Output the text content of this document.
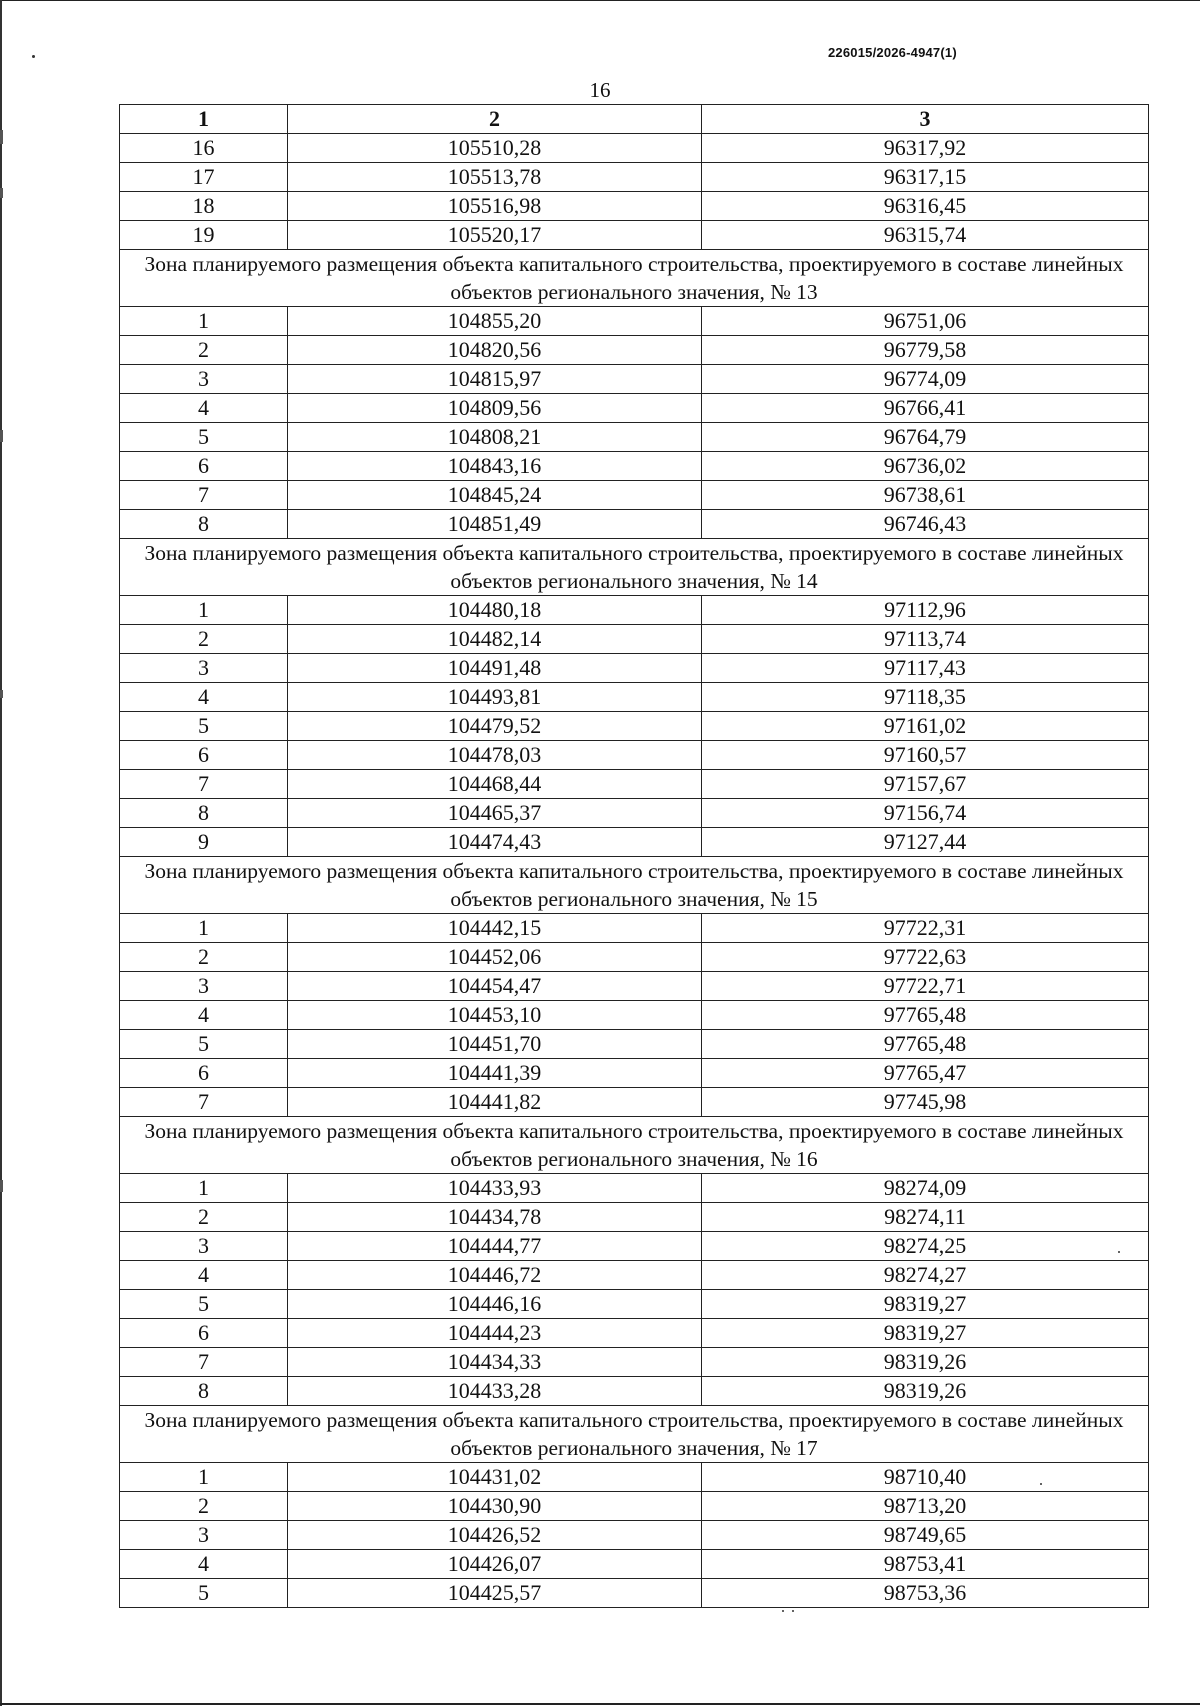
226015/2026-4947(1)
16
1	2	3
16	105510,28	96317,92
17	105513,78	96317,15
18	105516,98	96316,45
19	105520,17	96315,74
Зона планируемого размещения объекта капитального строительства, проектируемого в составе линейных объектов регионального значения, № 13		
1	104855,20	96751,06
2	104820,56	96779,58
3	104815,97	96774,09
4	104809,56	96766,41
5	104808,21	96764,79
6	104843,16	96736,02
7	104845,24	96738,61
8	104851,49	96746,43
Зона планируемого размещения объекта капитального строительства, проектируемого в составе линейных объектов регионального значения, № 14		
1	104480,18	97112,96
2	104482,14	97113,74
3	104491,48	97117,43
4	104493,81	97118,35
5	104479,52	97161,02
6	104478,03	97160,57
7	104468,44	97157,67
8	104465,37	97156,74
9	104474,43	97127,44
Зона планируемого размещения объекта капитального строительства, проектируемого в составе линейных объектов регионального значения, № 15		
1	104442,15	97722,31
2	104452,06	97722,63
3	104454,47	97722,71
4	104453,10	97765,48
5	104451,70	97765,48
6	104441,39	97765,47
7	104441,82	97745,98
Зона планируемого размещения объекта капитального строительства, проектируемого в составе линейных объектов регионального значения, № 16		
1	104433,93	98274,09
2	104434,78	98274,11
3	104444,77	98274,25
4	104446,72	98274,27
5	104446,16	98319,27
6	104444,23	98319,27
7	104434,33	98319,26
8	104433,28	98319,26
Зона планируемого размещения объекта капитального строительства, проектируемого в составе линейных объектов регионального значения, № 17		
1	104431,02	98710,40
2	104430,90	98713,20
3	104426,52	98749,65
4	104426,07	98753,41
5	104425,57	98753,36
